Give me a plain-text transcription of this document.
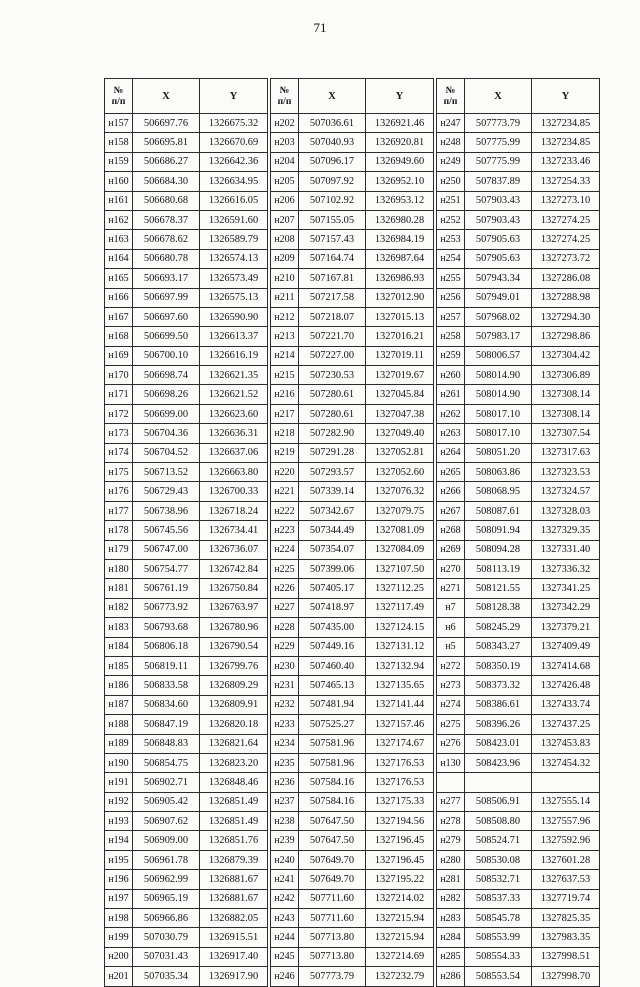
71
№
п/п	X	Y
н157	506697.76	1326675.32
н158	506695.81	1326670.69
н159	506686.27	1326642.36
н160	506684.30	1326634.95
н161	506680.68	1326616.05
н162	506678.37	1326591.60
н163	506678.62	1326589.79
н164	506680.78	1326574.13
н165	506693.17	1326573.49
н166	506697.99	1326575.13
н167	506697.60	1326590.90
н168	506699.50	1326613.37
н169	506700.10	1326616.19
н170	506698.74	1326621.35
н171	506698.26	1326621.52
н172	506699.00	1326623.60
н173	506704.36	1326636.31
н174	506704.52	1326637.06
н175	506713.52	1326663.80
н176	506729.43	1326700.33
н177	506738.96	1326718.24
н178	506745.56	1326734.41
н179	506747.00	1326736.07
н180	506754.77	1326742.84
н181	506761.19	1326750.84
н182	506773.92	1326763.97
н183	506793.68	1326780.96
н184	506806.18	1326790.54
н185	506819.11	1326799.76
н186	506833.58	1326809.29
н187	506834.60	1326809.91
н188	506847.19	1326820.18
н189	506848.83	1326821.64
н190	506854.75	1326823.20
н191	506902.71	1326848.46
н192	506905.42	1326851.49
н193	506907.62	1326851.49
н194	506909.00	1326851.76
н195	506961.78	1326879.39
н196	506962.99	1326881.67
н197	506965.19	1326881.67
н198	506966.86	1326882.05
н199	507030.79	1326915.51
н200	507031.43	1326917.40
н201	507035.34	1326917.90
№
п/п	X	Y
н202	507036.61	1326921.46
н203	507040.93	1326920.81
н204	507096.17	1326949.60
н205	507097.92	1326952.10
н206	507102.92	1326953.12
н207	507155.05	1326980.28
н208	507157.43	1326984.19
н209	507164.74	1326987.64
н210	507167.81	1326986.93
н211	507217.58	1327012.90
н212	507218.07	1327015.13
н213	507221.70	1327016.21
н214	507227.00	1327019.11
н215	507230.53	1327019.67
н216	507280.61	1327045.84
н217	507280.61	1327047.38
н218	507282.90	1327049.40
н219	507291.28	1327052.81
н220	507293.57	1327052.60
н221	507339.14	1327076.32
н222	507342.67	1327079.75
н223	507344.49	1327081.09
н224	507354.07	1327084.09
н225	507399.06	1327107.50
н226	507405.17	1327112.25
н227	507418.97	1327117.49
н228	507435.00	1327124.15
н229	507449.16	1327131.12
н230	507460.40	1327132.94
н231	507465.13	1327135.65
н232	507481.94	1327141.44
н233	507525.27	1327157.46
н234	507581.96	1327174.67
н235	507581.96	1327176.53
н236	507584.16	1327176.53
н237	507584.16	1327175.33
н238	507647.50	1327194.56
н239	507647.50	1327196.45
н240	507649.70	1327196.45
н241	507649.70	1327195.22
н242	507711.60	1327214.02
н243	507711.60	1327215.94
н244	507713.80	1327215.94
н245	507713.80	1327214.69
н246	507773.79	1327232.79
№
п/п	X	Y
н247	507773.79	1327234.85
н248	507775.99	1327234.85
н249	507775.99	1327233.46
н250	507837.89	1327254.33
н251	507903.43	1327273.10
н252	507903.43	1327274.25
н253	507905.63	1327274.25
н254	507905.63	1327273.72
н255	507943.34	1327286.08
н256	507949.01	1327288.98
н257	507968.02	1327294.30
н258	507983.17	1327298.86
н259	508006.57	1327304.42
н260	508014.90	1327306.89
н261	508014.90	1327308.14
н262	508017.10	1327308.14
н263	508017.10	1327307.54
н264	508051.20	1327317.63
н265	508063.86	1327323.53
н266	508068.95	1327324.57
н267	508087.61	1327328.03
н268	508091.94	1327329.35
н269	508094.28	1327331.40
н270	508113.19	1327336.32
н271	508121.55	1327341.25
н7	508128.38	1327342.29
н6	508245.29	1327379.21
н5	508343.27	1327409.49
н272	508350.19	1327414.68
н273	508373.32	1327426.48
н274	508386.61	1327433.74
н275	508396.26	1327437.25
н276	508423.01	1327453.83
н130	508423.96	1327454.32

н277	508506.91	1327555.14
н278	508508.80	1327557.96
н279	508524.71	1327592.96
н280	508530.08	1327601.28
н281	508532.71	1327637.53
н282	508537.33	1327719.74
н283	508545.78	1327825.35
н284	508553.99	1327983.35
н285	508554.33	1327998.51
н286	508553.54	1327998.70
